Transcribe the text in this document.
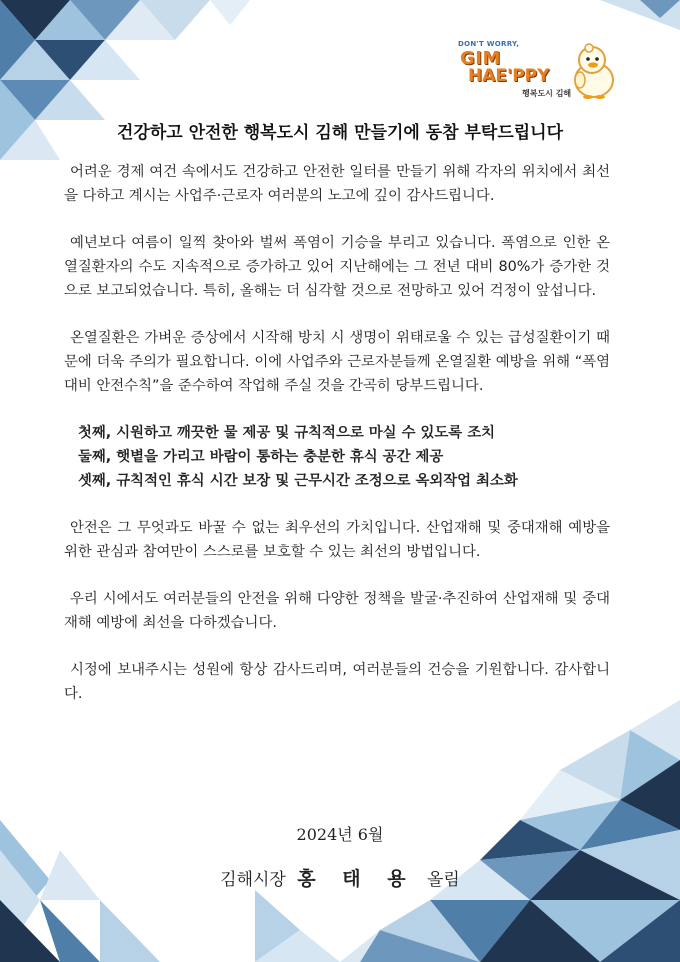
DON'T WORRY,
GIM
HAE'PPY
행복도시 김해
건강하고 안전한 행복도시 김해 만들기에 동참 부탁드립니다

어려운 경제 여건 속에서도 건강하고 안전한 일터를 만들기 위해 각자의 위치에서 최선을 다하고 계시는 사업주·근로자 여러분의 노고에 깊이 감사드립니다.

예년보다 여름이 일찍 찾아와 벌써 폭염이 기승을 부리고 있습니다. 폭염으로 인한 온열질환자의 수도 지속적으로 증가하고 있어 지난해에는 그 전년 대비 80%가 증가한 것으로 보고되었습니다. 특히, 올해는 더 심각할 것으로 전망하고 있어 걱정이 앞섭니다.

온열질환은 가벼운 증상에서 시작해 방치 시 생명이 위태로울 수 있는 급성질환이기 때문에 더욱 주의가 필요합니다. 이에 사업주와 근로자분들께 온열질환 예방을 위해 “폭염 대비 안전수칙”을 준수하여 작업해 주실 것을 간곡히 당부드립니다.

첫째, 시원하고 깨끗한 물 제공 및 규칙적으로 마실 수 있도록 조치
둘째, 햇볕을 가리고 바람이 통하는 충분한 휴식 공간 제공
셋째, 규칙적인 휴식 시간 보장 및 근무시간 조정으로 옥외작업 최소화

안전은 그 무엇과도 바꿀 수 없는 최우선의 가치입니다. 산업재해 및 중대재해 예방을 위한 관심과 참여만이 스스로를 보호할 수 있는 최선의 방법입니다.

우리 시에서도 여러분들의 안전을 위해 다양한 정책을 발굴·추진하여 산업재해 및 중대재해 예방에 최선을 다하겠습니다.

시정에 보내주시는 성원에 항상 감사드리며, 여러분들의 건승을 기원합니다. 감사합니다.

2024년 6월
김해시장 홍 태 용 올림
